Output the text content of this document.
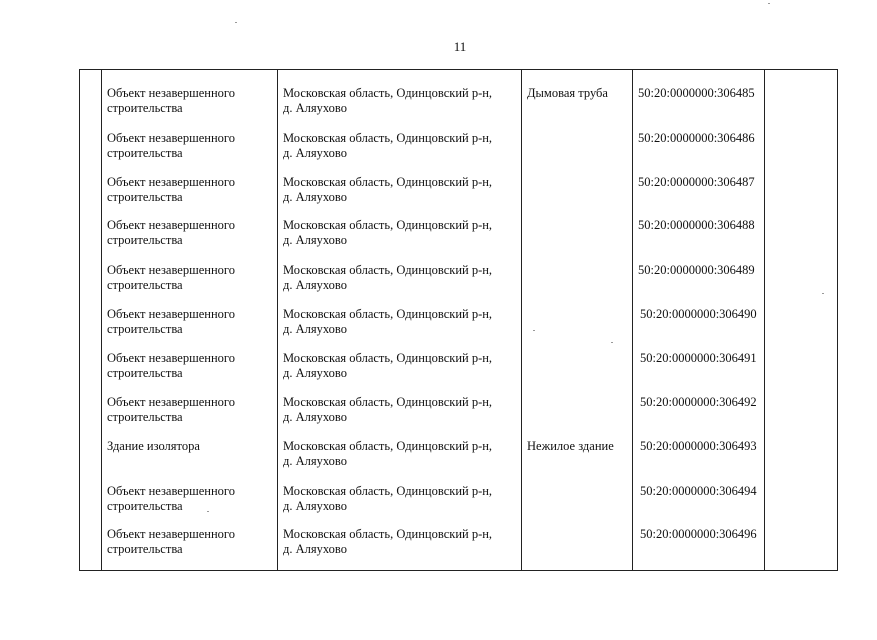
11
Объект незавершенного
строительства
Московская область, Одинцовский р-н,
д. Аляухово
Дымовая труба 50:20:0000000:306485
Объект незавершенного
строительства
Московская область, Одинцовский р-н,
д. Аляухово
50:20:0000000:306486
Объект незавершенного
строительства
Московская область, Одинцовский р-н,
д. Аляухово
50:20:0000000:306487
Объект незавершенного
строительства
Московская область, Одинцовский р-н,
д. Аляухово
50:20:0000000:306488
Объект незавершенного
строительства
Московская область, Одинцовский р-н,
д. Аляухово
50:20:0000000:306489
Объект незавершенного
строительства
Московская область, Одинцовский р-н,
д. Аляухово
50:20:0000000:306490
Объект незавершенного
строительства
Московская область, Одинцовский р-н,
д. Аляухово
50:20:0000000:306491
Объект незавершенного
строительства
Московская область, Одинцовский р-н,
д. Аляухово
50:20:0000000:306492
Здание изолятора	Московская область, Одинцовский р-н,
д. Аляухово
Нежилое здание 50:20:0000000:306493
Объект незавершенного
строительства
Московская область, Одинцовский р-н,
д. Аляухово
50:20:0000000:306494
Объект незавершенного
строительства
Московская область, Одинцовский р-н,
д. Аляухово
50:20:0000000:306496
